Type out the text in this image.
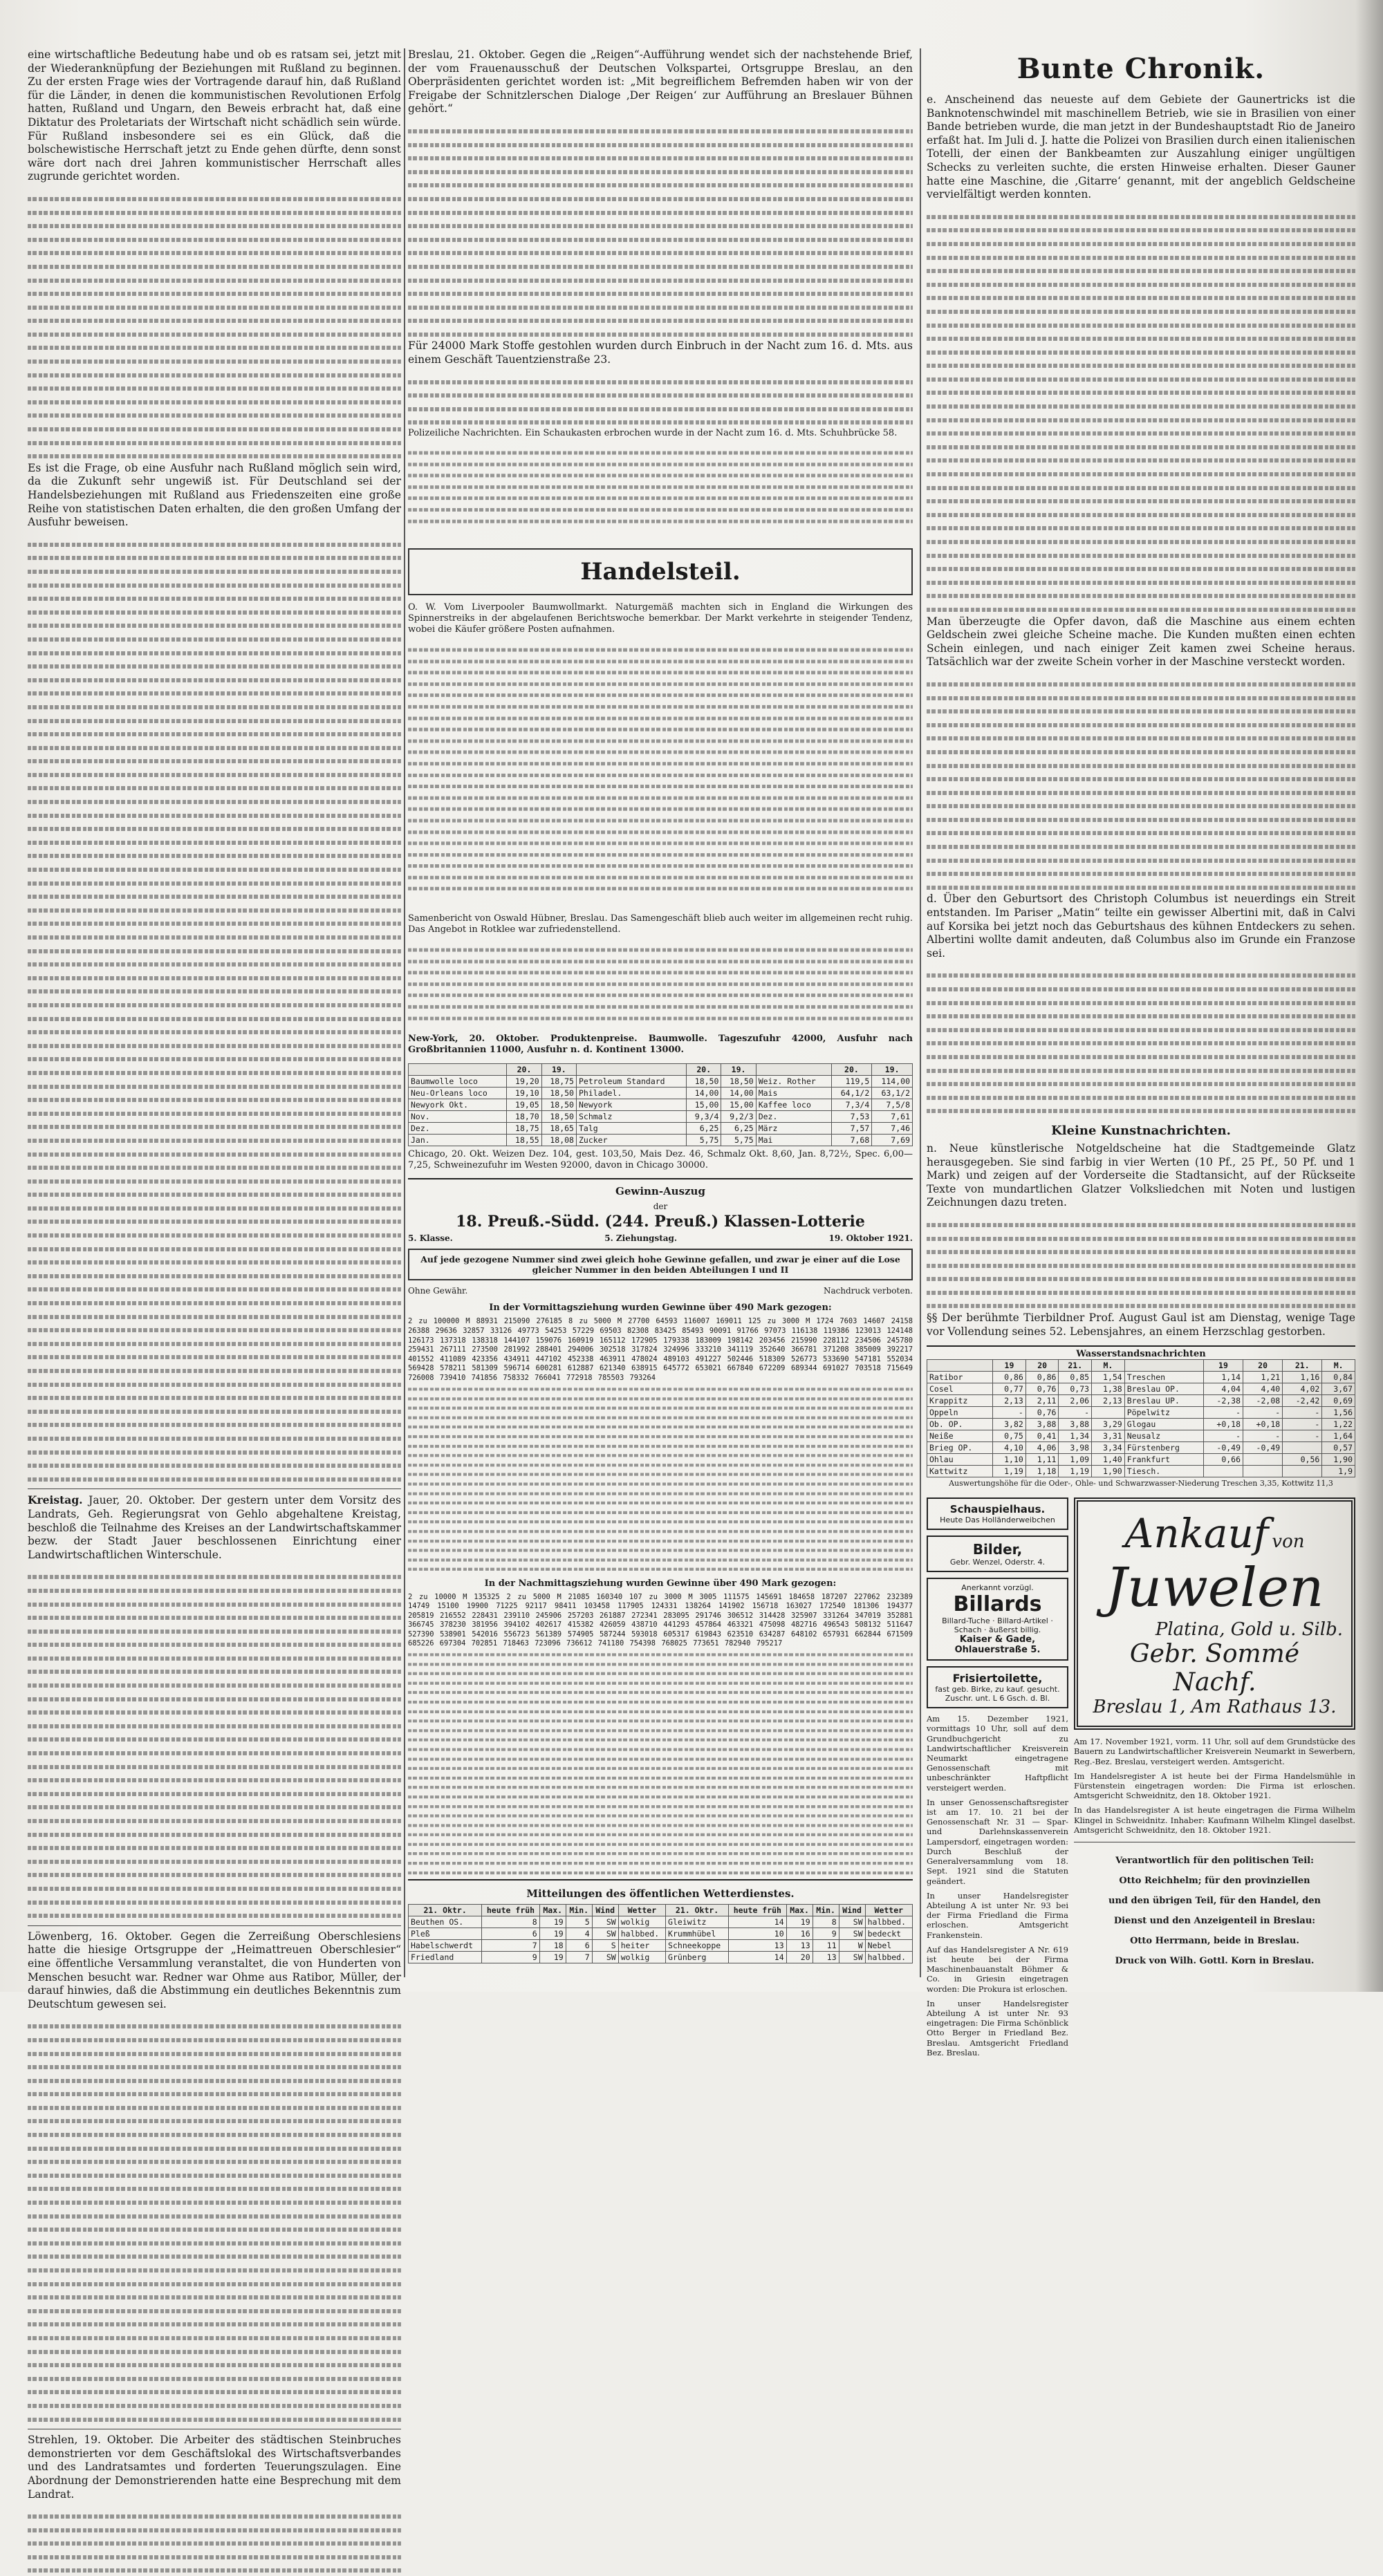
eine wirtschaftliche Bedeutung habe und ob es ratsam sei, jetzt mit der Wiederanknüpfung der Beziehungen mit Rußland zu beginnen. Zu der ersten Frage wies der Vortragende darauf hin, daß Rußland für die Länder, in denen die kommunistischen Revolutionen Erfolg hatten, Rußland und Ungarn, den Beweis erbracht hat, daß eine Diktatur des Proletariats der Wirtschaft nicht schädlich sein würde. Für Rußland insbesondere sei es ein Glück, daß die bolschewistische Herrschaft jetzt zu Ende gehen dürfte, denn sonst wäre dort nach drei Jahren kommunistischer Herrschaft alles zugrunde gerichtet worden.

Es ist die Frage, ob eine Ausfuhr nach Rußland möglich sein wird, da die Zukunft sehr ungewiß ist. Für Deutschland sei der Handelsbeziehungen mit Rußland aus Friedenszeiten eine große Reihe von statistischen Daten erhalten, die den großen Umfang der Ausfuhr beweisen.

Kreistag. Jauer, 20. Oktober. Der gestern unter dem Vorsitz des Landrats, Geh. Regierungsrat von Gehlo abgehaltene Kreistag, beschloß die Teilnahme des Kreises an der Landwirtschaftskammer bezw. der Stadt Jauer beschlossenen Einrichtung einer Landwirtschaftlichen Winterschule.

Löwenberg, 16. Oktober. Gegen die Zerreißung Oberschlesiens hatte die hiesige Ortsgruppe der „Heimattreuen Oberschlesier“ eine öffentliche Versammlung veranstaltet, die von Hunderten von Menschen besucht war. Redner war Ohme aus Ratibor, Müller, der darauf hinwies, daß die Abstimmung ein deutliches Bekenntnis zum Deutschtum gewesen sei.

Strehlen, 19. Oktober. Die Arbeiter des städtischen Steinbruches demonstrierten vor dem Geschäftslokal des Wirtschaftsverbandes und des Landratsamtes und forderten Teuerungszulagen. Eine Abordnung der Demonstrierenden hatte eine Besprechung mit dem Landrat.

Breslau, 21. Oktober. Gegen die „Reigen“-Aufführung wendet sich der nachstehende Brief, der vom Frauenausschuß der Deutschen Volkspartei, Ortsgruppe Breslau, an den Oberpräsidenten gerichtet worden ist: „Mit begreiflichem Befremden haben wir von der Freigabe der Schnitzlerschen Dialoge ‚Der Reigen‘ zur Aufführung an Breslauer Bühnen gehört.“

Für 24000 Mark Stoffe gestohlen wurden durch Einbruch in der Nacht zum 16. d. Mts. aus einem Geschäft Tauentzienstraße 23.

Polizeiliche Nachrichten. Ein Schaukasten erbrochen wurde in der Nacht zum 16. d. Mts. Schuhbrücke 58.

Handelsteil.

O. W. Vom Liverpooler Baumwollmarkt. Naturgemäß machten sich in England die Wirkungen des Spinnerstreiks in der abgelaufenen Berichtswoche bemerkbar. Der Markt verkehrte in steigender Tendenz, wobei die Käufer größere Posten aufnahmen.

Samenbericht von Oswald Hübner, Breslau. Das Samengeschäft blieb auch weiter im allgemeinen recht ruhig. Das Angebot in Rotklee war zufriedenstellend.

New-York, 20. Oktober. Produktenpreise. Baumwolle. Tageszufuhr 42000, Ausfuhr nach Großbritannien 11000, Ausfuhr n. d. Kontinent 13000.

	20.	19.		20.	19.		20.	19.
Baumwolle loco	19,20	18,75	Petroleum Standard	18,50	18,50	Weiz. Rother	119,5	114,00
Neu-Orleans loco	19,10	18,50	Philadel.	14,00	14,00	Mais	64,1/2	63,1/2
Newyork Okt.	19,05	18,50	Newyork	15,00	15,00	Kaffee loco	7,3/4	7,5/8
Nov.	18,70	18,50	Schmalz	9,3/4	9,2/3	Dez.	7,53	7,61
Dez.	18,75	18,65	Talg	6,25	6,25	März	7,57	7,46
Jan.	18,55	18,08	Zucker	5,75	5,75	Mai	7,68	7,69

Chicago, 20. Okt. Weizen Dez. 104, gest. 103,50, Mais Dez. 46, Schmalz Okt. 8,60, Jan. 8,72½, Spec. 6,00—7,25, Schweinezufuhr im Westen 92000, davon in Chicago 30000.

Gewinn-Auszug
der
18. Preuß.-Südd. (244. Preuß.) Klassen-Lotterie
5. Klasse.	5. Ziehungstag.	19. Oktober 1921.
Auf jede gezogene Nummer sind zwei gleich hohe Gewinne gefallen, und zwar je einer auf die Lose gleicher Nummer in den beiden Abteilungen I und II
Ohne Gewähr.	Nachdruck verboten.
In der Vormittagsziehung wurden Gewinne über 490 Mark gezogen:
2 zu 100000 M 88931 215090 276185 8 zu 5000 M 27700 64593 116007 169011 125 zu 3000 M 1724 7603 14607 24158 26388 29636 32857 33126 49773 54253 57229 69503 82308 83425 85493 90091 91766 97073 116138 119386 123013 124148 126173 137318 138318 144107 159076 160919 165112 172905 179338 183009 198142 203456 215990 228112 234506 245780 259431 267111 273500 281992 288401 294006 302518 317824 324996 333210 341119 352640 366781 371208 385009 392217 401552 411089 423356 434911 447102 452338 463911 478024 489103 491227 502446 518309 526773 533690 547181 552034 569428 578211 581309 596714 600281 612887 621340 638915 645772 653021 667840 672209 689344 691027 703518 715649 726008 739410 741856 758332 766041 772918 785503 793264
In der Nachmittagsziehung wurden Gewinne über 490 Mark gezogen:
2 zu 10000 M 135325 2 zu 5000 M 21085 160340 107 zu 3000 M 3005 111575 145691 184658 187207 227062 232389 14749 15100 19900 71225 92117 98411 103458 117905 124331 138264 141902 156718 163027 172540 181306 194377 205819 216552 228431 239110 245906 257203 261887 272341 283095 291746 306512 314428 325907 331264 347019 352881 366745 378230 381956 394102 402617 415382 426059 438710 441293 457864 463321 475098 482716 496543 508132 511647 527390 538901 542016 556723 561389 574905 587244 593018 605317 619843 623510 634287 648102 657931 662844 671509 685226 697304 702851 718463 723096 736612 741180 754398 768025 773651 782940 795217
Mitteilungen des öffentlichen Wetterdienstes.
21. Oktr.	heute früh	Max.	Min.	Wind	Wetter	21. Oktr.	heute früh	Max.	Min.	Wind	Wetter
Beuthen OS.	8	19	5	SW	wolkig	Gleiwitz	14	19	8	SW	halbbed.
Pleß	6	19	4	SW	halbbed.	Krummhübel	10	16	9	SW	bedeckt
Habelschwerdt	7	18	6	S	heiter	Schneekoppe	13	13	11	W	Nebel
Friedland	9	19	7	SW	wolkig	Grünberg	14	20	13	SW	halbbed.
Bunte Chronik.

e. Anscheinend das neueste auf dem Gebiete der Gaunertricks ist die Banknotenschwindel mit maschinellem Betrieb, wie sie in Brasilien von einer Bande betrieben wurde, die man jetzt in der Bundeshauptstadt Rio de Janeiro erfaßt hat. Im Juli d. J. hatte die Polizei von Brasilien durch einen italienischen Totelli, der einen der Bankbeamten zur Auszahlung einiger ungültigen Schecks zu verleiten suchte, die ersten Hinweise erhalten. Dieser Gauner hatte eine Maschine, die ‚Gitarre‘ genannt, mit der angeblich Geldscheine vervielfältigt werden konnten.

Man überzeugte die Opfer davon, daß die Maschine aus einem echten Geldschein zwei gleiche Scheine mache. Die Kunden mußten einen echten Schein einlegen, und nach einiger Zeit kamen zwei Scheine heraus. Tatsächlich war der zweite Schein vorher in der Maschine versteckt worden.

d. Über den Geburtsort des Christoph Columbus ist neuerdings ein Streit entstanden. Im Pariser „Matin“ teilte ein gewisser Albertini mit, daß in Calvi auf Korsika bei jetzt noch das Geburtshaus des kühnen Entdeckers zu sehen. Albertini wollte damit andeuten, daß Columbus also im Grunde ein Franzose sei.

Kleine Kunstnachrichten.

n. Neue künstlerische Notgeldscheine hat die Stadtgemeinde Glatz herausgegeben. Sie sind farbig in vier Werten (10 Pf., 25 Pf., 50 Pf. und 1 Mark) und zeigen auf der Vorderseite die Stadtansicht, auf der Rückseite Texte von mundartlichen Glatzer Volksliedchen mit Noten und lustigen Zeichnungen dazu treten.

§§ Der berühmte Tierbildner Prof. August Gaul ist am Dienstag, wenige Tage vor Vollendung seines 52. Lebensjahres, an einem Herzschlag gestorben.

Wasserstandsnachrichten
	19	20	21.	M.		19	20	21.	M.
Ratibor	0,86	0,86	0,85	1,54	Treschen	1,14	1,21	1,16	0,84
Cosel	0,77	0,76	0,73	1,38	Breslau OP.	4,04	4,40	4,02	3,67
Krappitz	2,13	2,11	2,06	2,13	Breslau UP.	-2,38	-2,08	-2,42	0,69
Oppeln	-	0,76	-		Pöpelwitz	-	-	-	1,56
Ob. OP.	3,82	3,88	3,88	3,29	Glogau	+0,18	+0,18	-	1,22
Neiße	0,75	0,41	1,34	3,31	Neusalz	-	-	-	1,64
Brieg OP.	4,10	4,06	3,98	3,34	Fürstenberg	-0,49	-0,49		0,57
Ohlau	1,10	1,11	1,09	1,40	Frankfurt	0,66		0,56	1,90
Kattwitz	1,19	1,18	1,19	1,90	Tiesch.				1,9
Auswertungshöhe für die Oder-, Ohle- und Schwarzwasser-Niederung Treschen 3,35, Kottwitz 11,3
Schauspielhaus.
Heute Das Holländerweibchen
Bilder,
Gebr. Wenzel, Oderstr. 4.
Anerkannt vorzügl.
Billards
Billard-Tuche · Billard-Artikel · Schach · äußerst billig.
Kaiser & Gade, Ohlauerstraße 5.
Frisiertoilette,
fast geb. Birke, zu kauf. gesucht. Zuschr. unt. L 6 Gsch. d. Bl.

Am 15. Dezember 1921, vormittags 10 Uhr, soll auf dem Grundbuchgericht zu Landwirtschaftlicher Kreisverein Neumarkt eingetragene Genossenschaft mit unbeschränkter Haftpflicht versteigert werden.

In unser Genossenschaftsregister ist am 17. 10. 21 bei der Genossenschaft Nr. 31 — Spar- und Darlehnskassenverein Lampersdorf, eingetragen worden: Durch Beschluß der Generalversammlung vom 18. Sept. 1921 sind die Statuten geändert.

In unser Handelsregister Abteilung A ist unter Nr. 93 bei der Firma Friedland die Firma erloschen. Amtsgericht Frankenstein.

Auf das Handelsregister A Nr. 619 ist heute bei der Firma Maschinenbauanstalt Böhmer & Co. in Griesin eingetragen worden: Die Prokura ist erloschen.

In unser Handelsregister Abteilung A ist unter Nr. 93 eingetragen: Die Firma Schönblick Otto Berger in Friedland Bez. Breslau. Amtsgericht Friedland Bez. Breslau.

Ankauf von
Juwelen
Platina, Gold u. Silb.
Gebr. Sommé Nachf.
Breslau 1, Am Rathaus 13.

Am 17. November 1921, vorm. 11 Uhr, soll auf dem Grundstücke des Bauern zu Landwirtschaftlicher Kreisverein Neumarkt in Sewerbern, Reg.-Bez. Breslau, versteigert werden. Amtsgericht.

Im Handelsregister A ist heute bei der Firma Handelsmühle in Fürstenstein eingetragen worden: Die Firma ist erloschen. Amtsgericht Schweidnitz, den 18. Oktober 1921.

In das Handelsregister A ist heute eingetragen die Firma Wilhelm Klingel in Schweidnitz. Inhaber: Kaufmann Wilhelm Klingel daselbst. Amtsgericht Schweidnitz, den 18. Oktober 1921.

Verantwortlich für den politischen Teil:

Otto Reichhelm; für den provinziellen

und den übrigen Teil, für den Handel, den

Dienst und den Anzeigenteil in Breslau:

Otto Herrmann, beide in Breslau.

Druck von Wilh. Gottl. Korn in Breslau.
